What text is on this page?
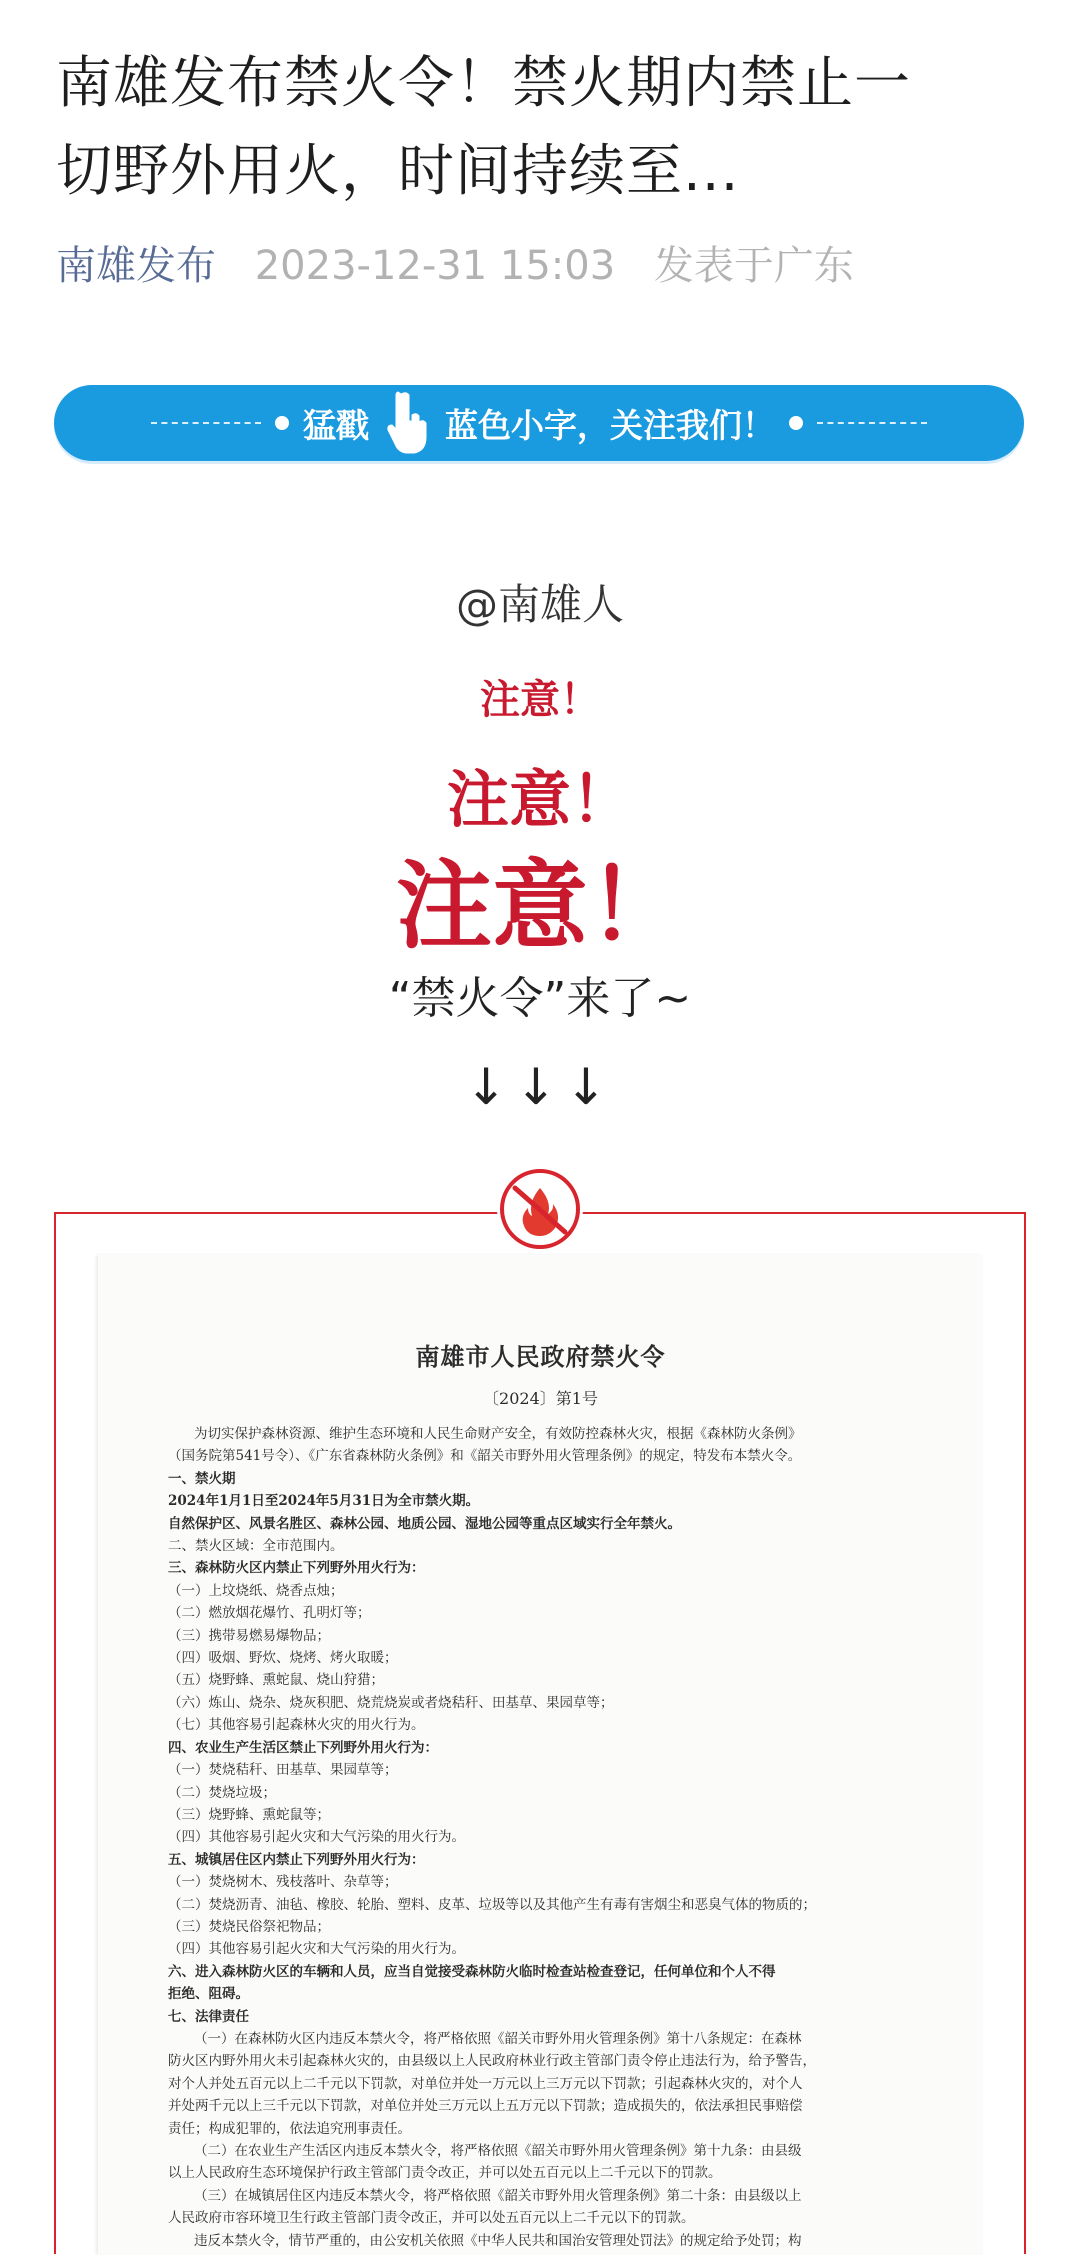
南雄发布禁火令！禁火期内禁止一
切野外用火，时间持续至...
南雄发布 2023-12-31 15:03 发表于广东
猛戳 蓝色小字，关注我们！
@南雄人
注意！
注意！
注意！
“禁火令”来了~
↓↓↓
南雄市人民政府禁火令
〔2024〕第1号
为切实保护森林资源、维护生态环境和人民生命财产安全，有效防控森林火灾，根据《森林防火条例》
（国务院第541号令）、《广东省森林防火条例》和《韶关市野外用火管理条例》的规定，特发布本禁火令。
一、禁火期
2024年1月1日至2024年5月31日为全市禁火期。
自然保护区、风景名胜区、森林公园、地质公园、湿地公园等重点区域实行全年禁火。
二、禁火区域：全市范围内。
三、森林防火区内禁止下列野外用火行为：
（一）上坟烧纸、烧香点烛；
（二）燃放烟花爆竹、孔明灯等；
（三）携带易燃易爆物品；
（四）吸烟、野炊、烧烤、烤火取暖；
（五）烧野蜂、熏蛇鼠、烧山狩猎；
（六）炼山、烧杂、烧灰积肥、烧荒烧炭或者烧秸秆、田基草、果园草等；
（七）其他容易引起森林火灾的用火行为。
四、农业生产生活区禁止下列野外用火行为：
（一）焚烧秸秆、田基草、果园草等；
（二）焚烧垃圾；
（三）烧野蜂、熏蛇鼠等；
（四）其他容易引起火灾和大气污染的用火行为。
五、城镇居住区内禁止下列野外用火行为：
（一）焚烧树木、残枝落叶、杂草等；
（二）焚烧沥青、油毡、橡胶、轮胎、塑料、皮革、垃圾等以及其他产生有毒有害烟尘和恶臭气体的物质的；
（三）焚烧民俗祭祀物品；
（四）其他容易引起火灾和大气污染的用火行为。
六、进入森林防火区的车辆和人员，应当自觉接受森林防火临时检查站检查登记，任何单位和个人不得
拒绝、阻碍。
七、法律责任
（一）在森林防火区内违反本禁火令，将严格依照《韶关市野外用火管理条例》第十八条规定：在森林
防火区内野外用火未引起森林火灾的，由县级以上人民政府林业行政主管部门责令停止违法行为，给予警告，
对个人并处五百元以上二千元以下罚款，对单位并处一万元以上三万元以下罚款；引起森林火灾的，对个人
并处两千元以上三千元以下罚款，对单位并处三万元以上五万元以下罚款；造成损失的，依法承担民事赔偿
责任；构成犯罪的，依法追究刑事责任。
（二）在农业生产生活区内违反本禁火令，将严格依照《韶关市野外用火管理条例》第十九条：由县级
以上人民政府生态环境保护行政主管部门责令改正，并可以处五百元以上二千元以下的罚款。
（三）在城镇居住区内违反本禁火令，将严格依照《韶关市野外用火管理条例》第二十条：由县级以上
人民政府市容环境卫生行政主管部门责令改正，并可以处五百元以上二千元以下的罚款。
违反本禁火令，情节严重的，由公安机关依照《中华人民共和国治安管理处罚法》的规定给予处罚；构
